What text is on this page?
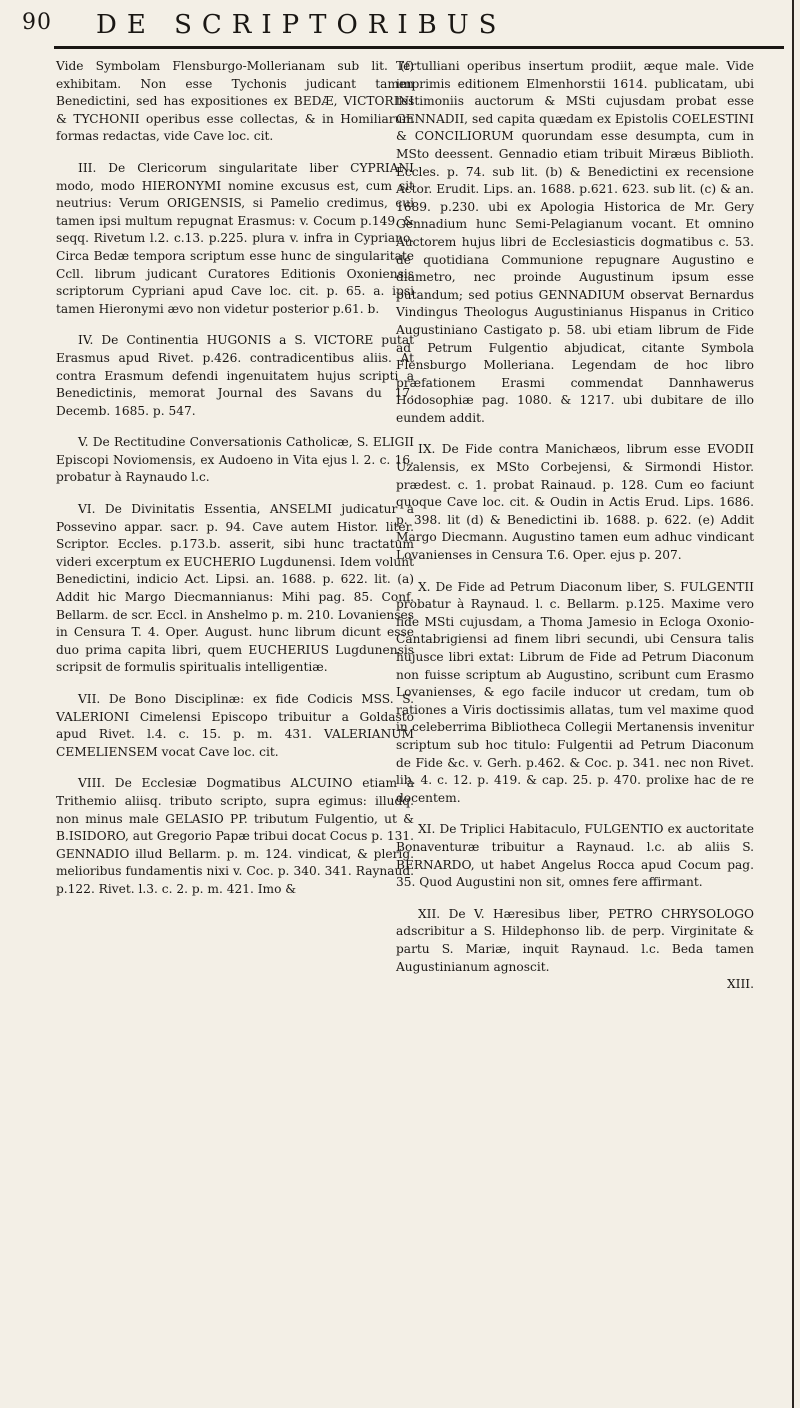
90 DE SCRIPTORIBUS

Vide Symbolam Flensburgo-Mollerianam sub lit. (f) exhibitam. Non esse Tychonis judicant tamen Benedictini, sed has expositiones ex BEDÆ, VICTORINI & TYCHONII operibus esse collectas, & in Homiliarum formas redactas, vide Cave loc. cit.

III. De Clericorum singularitate liber CYPRIANI modo, modo HIERONYMI nomine excusus est, cum sit neutrius: Verum ORIGENSIS, si Pamelio credimus, cui tamen ipsi multum repugnat Erasmus: v. Cocum p.149. & seqq. Rivetum l.2. c.13. p.225. plura v. infra in Cypriano. Circa Bedæ tempora scriptum esse hunc de singularitate Ccll. librum judicant Curatores Editionis Oxoniensis scriptorum Cypriani apud Cave loc. cit. p. 65. a. ipsi tamen Hieronymi ævo non videtur posterior p.61. b.

IV. De Continentia HUGONIS a S. VICTORE putat Erasmus apud Rivet. p.426. contradicentibus aliis. At contra Erasmum defendi ingenuitatem hujus scripti a Benedictinis, memorat Journal des Savans du 17. Decemb. 1685. p. 547.

V. De Rectitudine Conversationis Catholicæ, S. ELIGII Episcopi Noviomensis, ex Audoeno in Vita ejus l. 2. c. 16. probatur à Raynaudo l.c.

VI. De Divinitatis Essentia, ANSELMI judicatur a Possevino appar. sacr. p. 94. Cave autem Histor. liter. Scriptor. Eccles. p.173.b. asserit, sibi hunc tractatum videri excerptum ex EUCHERIO Lugdunensi. Idem volunt Benedictini, indicio Act. Lipsi. an. 1688. p. 622. lit. (a) Addit hic Margo Diecmannianus: Mihi pag. 85. Conf. Bellarm. de scr. Eccl. in Anshelmo p. m. 210. Lovanienses in Censura T. 4. Oper. August. hunc librum dicunt esse duo prima capita libri, quem EUCHERIUS Lugdunensis scripsit de formulis spiritualis intelligentiæ.

VII. De Bono Disciplinæ: ex fide Codicis MSS. S. VALERIONI Cimelensi Episcopo tribuitur a Goldasto apud Rivet. l.4. c. 15. p. m. 431. VALERIANUM CEMELIENSEM vocat Cave loc. cit.

VIII. De Ecclesiæ Dogmatibus ALCUINO etiam à Trithemio aliisq. tributo scripto, supra egimus: illudq. non minus male GELASIO PP. tributum Fulgentio, ut & B.ISIDORO, aut Gregorio Papæ tribui docat Cocus p. 131. GENNADIO illud Bellarm. p. m. 124. vindicat, & plerig. melioribus fundamentis nixi v. Coc. p. 340. 341. Raynaud. p.122. Rivet. l.3. c. 2. p. m. 421. Imo &

Tertulliani operibus insertum prodiit, æque male. Vide imprimis editionem Elmenhorstii 1614. publicatam, ubi testimoniis auctorum & MSti cujusdam probat esse GENNADII, sed capita quædam ex Epistolis COELESTINI & CONCILIORUM quorundam esse desumpta, cum in MSto deessent. Gennadio etiam tribuit Miræus Biblioth. Eccles. p. 74. sub lit. (b) & Benedictini ex recensione Actor. Erudit. Lips. an. 1688. p.621. 623. sub lit. (c) & an. 1689. p.230. ubi ex Apologia Historica de Mr. Gery Gennadium hunc Semi-Pelagianum vocant. Et omnino Auctorem hujus libri de Ecclesiasticis dogmatibus c. 53. de quotidiana Communione repugnare Augustino e diametro, nec proinde Augustinum ipsum esse putandum; sed potius GENNADIUM observat Bernardus Vindingus Theologus Augustinianus Hispanus in Critico Augustiniano Castigato p. 58. ubi etiam librum de Fide ad Petrum Fulgentio abjudicat, citante Symbola Flensburgo Molleriana. Legendam de hoc libro præfationem Erasmi commendat Dannhawerus Hodosophiæ pag. 1080. & 1217. ubi dubitare de illo eundem addit.

IX. De Fide contra Manichæos, librum esse EVODII Uzalensis, ex MSto Corbejensi, & Sirmondi Histor. prædest. c. 1. probat Rainaud. p. 128. Cum eo faciunt quoque Cave loc. cit. & Oudin in Actis Erud. Lips. 1686. p. 398. lit (d) & Benedictini ib. 1688. p. 622. (e) Addit Margo Diecmann. Augustino tamen eum adhuc vindicant Lovanienses in Censura T.6. Oper. ejus p. 207.

X. De Fide ad Petrum Diaconum liber, S. FULGENTII probatur à Raynaud. l. c. Bellarm. p.125. Maxime vero fide MSti cujusdam, a Thoma Jamesio in Ecloga Oxonio-Cantabrigiensi ad finem libri secundi, ubi Censura talis hujusce libri extat: Librum de Fide ad Petrum Diaconum non fuisse scriptum ab Augustino, scribunt cum Erasmo Lovanienses, & ego facile inducor ut credam, tum ob rationes a Viris doctissimis allatas, tum vel maxime quod in celeberrima Bibliotheca Collegii Mertanensis invenitur scriptum sub hoc titulo: Fulgentii ad Petrum Diaconum de Fide &c. v. Gerh. p.462. & Coc. p. 341. nec non Rivet. lib. 4. c. 12. p. 419. & cap. 25. p. 470. prolixe hac de re docentem.

XI. De Triplici Habitaculo, FULGENTIO ex auctoritate Bonaventuræ tribuitur a Raynaud. l.c. ab aliis S. BERNARDO, ut habet Angelus Rocca apud Cocum pag. 35. Quod Augustini non sit, omnes fere affirmant.

XII. De V. Hæresibus liber, PETRO CHRYSOLOGO adscribitur a S. Hildephonso lib. de perp. Virginitate & partu S. Mariæ, inquit Raynaud. l.c. Beda tamen Augustinianum agnoscit.

XIII.
